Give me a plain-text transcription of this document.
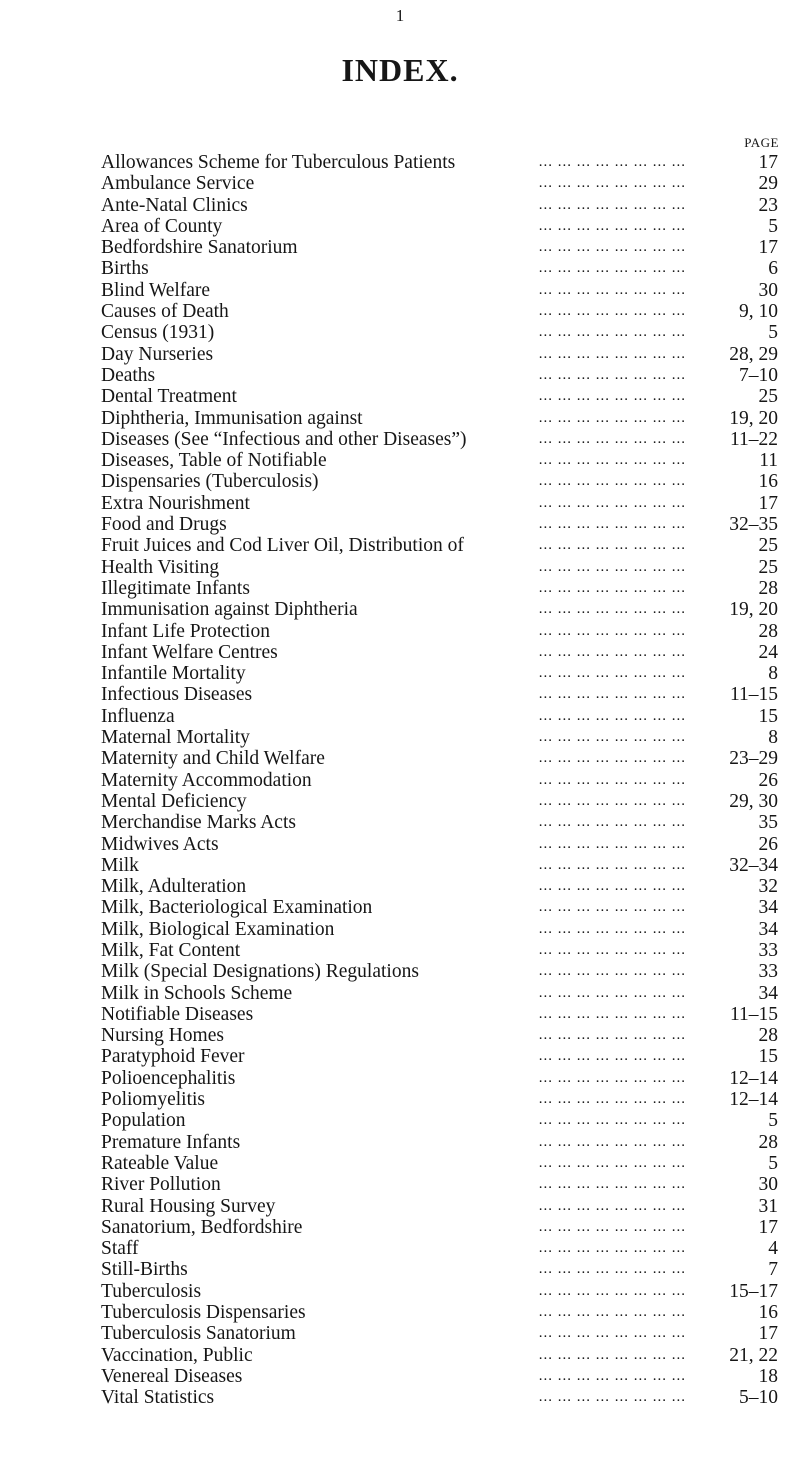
1
INDEX.
PAGE
... ... ... ... ... ... ... ...
Allowances Scheme for Tuberculous Patients	17
... ... ... ... ... ... ... ...
Ambulance Service	29
... ... ... ... ... ... ... ...
Ante-Natal Clinics	23
... ... ... ... ... ... ... ...
Area of County	5
... ... ... ... ... ... ... ...
Bedfordshire Sanatorium	17
... ... ... ... ... ... ... ...
Births	6
... ... ... ... ... ... ... ...
Blind Welfare	30
... ... ... ... ... ... ... ...
Causes of Death	9, 10
... ... ... ... ... ... ... ...
Census (1931)	5
... ... ... ... ... ... ... ...
Day Nurseries	28, 29
... ... ... ... ... ... ... ...
Deaths	7–10
... ... ... ... ... ... ... ...
Dental Treatment	25
... ... ... ... ... ... ... ...
Diphtheria, Immunisation against	19, 20
... ... ... ... ... ... ... ...
Diseases (See “Infectious and other Diseases”)	11–22
... ... ... ... ... ... ... ...
Diseases, Table of Notifiable	11
... ... ... ... ... ... ... ...
Dispensaries (Tuberculosis)	16
... ... ... ... ... ... ... ...
Extra Nourishment	17
... ... ... ... ... ... ... ...
Food and Drugs	32–35
... ... ... ... ... ... ... ...
Fruit Juices and Cod Liver Oil, Distribution of	25
... ... ... ... ... ... ... ...
Health Visiting	25
... ... ... ... ... ... ... ...
Illegitimate Infants	28
... ... ... ... ... ... ... ...
Immunisation against Diphtheria	19, 20
... ... ... ... ... ... ... ...
Infant Life Protection	28
... ... ... ... ... ... ... ...
Infant Welfare Centres	24
... ... ... ... ... ... ... ...
Infantile Mortality	8
... ... ... ... ... ... ... ...
Infectious Diseases	11–15
... ... ... ... ... ... ... ...
Influenza	15
... ... ... ... ... ... ... ...
Maternal Mortality	8
... ... ... ... ... ... ... ...
Maternity and Child Welfare	23–29
... ... ... ... ... ... ... ...
Maternity Accommodation	26
... ... ... ... ... ... ... ...
Mental Deficiency	29, 30
... ... ... ... ... ... ... ...
Merchandise Marks Acts	35
... ... ... ... ... ... ... ...
Midwives Acts	26
... ... ... ... ... ... ... ...
Milk	32–34
... ... ... ... ... ... ... ...
Milk, Adulteration	32
... ... ... ... ... ... ... ...
Milk, Bacteriological Examination	34
... ... ... ... ... ... ... ...
Milk, Biological Examination	34
... ... ... ... ... ... ... ...
Milk, Fat Content	33
... ... ... ... ... ... ... ...
Milk (Special Designations) Regulations	33
... ... ... ... ... ... ... ...
Milk in Schools Scheme	34
... ... ... ... ... ... ... ...
Notifiable Diseases	11–15
... ... ... ... ... ... ... ...
Nursing Homes	28
... ... ... ... ... ... ... ...
Paratyphoid Fever	15
... ... ... ... ... ... ... ...
Polioencephalitis	12–14
... ... ... ... ... ... ... ...
Poliomyelitis	12–14
... ... ... ... ... ... ... ...
Population	5
... ... ... ... ... ... ... ...
Premature Infants	28
... ... ... ... ... ... ... ...
Rateable Value	5
... ... ... ... ... ... ... ...
River Pollution	30
... ... ... ... ... ... ... ...
Rural Housing Survey	31
... ... ... ... ... ... ... ...
Sanatorium, Bedfordshire	17
... ... ... ... ... ... ... ...
Staff	4
... ... ... ... ... ... ... ...
Still-Births	7
... ... ... ... ... ... ... ...
Tuberculosis	15–17
... ... ... ... ... ... ... ...
Tuberculosis Dispensaries	16
... ... ... ... ... ... ... ...
Tuberculosis Sanatorium	17
... ... ... ... ... ... ... ...
Vaccination, Public	21, 22
... ... ... ... ... ... ... ...
Venereal Diseases	18
... ... ... ... ... ... ... ...
Vital Statistics	5–10
